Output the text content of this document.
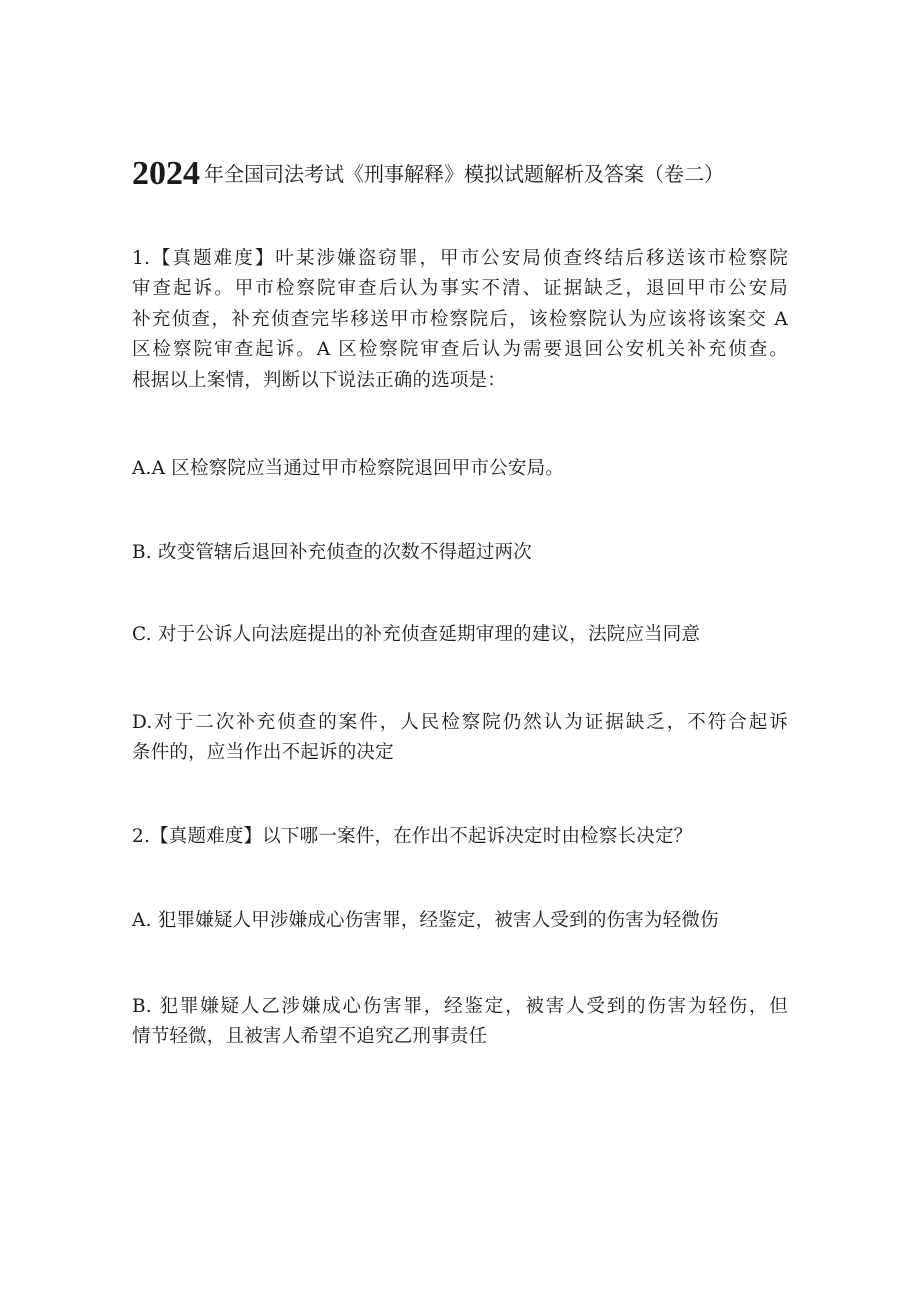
2024 年全国司法考试《刑事解释》模拟试题解析及答案（卷二）
1.【真题难度】叶某涉嫌盗窃罪，甲市公安局侦查终结后移送该市检察院
审查起诉。甲市检察院审查后认为事实不清、证据缺乏，退回甲市公安局
补充侦查，补充侦查完毕移送甲市检察院后，该检察院认为应该将该案交 A
区检察院审查起诉。A 区检察院审查后认为需要退回公安机关补充侦查。
根据以上案情，判断以下说法正确的选项是：
A.A 区检察院应当通过甲市检察院退回甲市公安局。
B. 改变管辖后退回补充侦查的次数不得超过两次
C. 对于公诉人向法庭提出的补充侦查延期审理的建议，法院应当同意
D.对于二次补充侦查的案件，人民检察院仍然认为证据缺乏，不符合起诉
条件的，应当作出不起诉的决定
2.【真题难度】以下哪一案件，在作出不起诉决定时由检察长决定？
A. 犯罪嫌疑人甲涉嫌成心伤害罪，经鉴定，被害人受到的伤害为轻微伤
B. 犯罪嫌疑人乙涉嫌成心伤害罪，经鉴定，被害人受到的伤害为轻伤，但
情节轻微，且被害人希望不追究乙刑事责任
